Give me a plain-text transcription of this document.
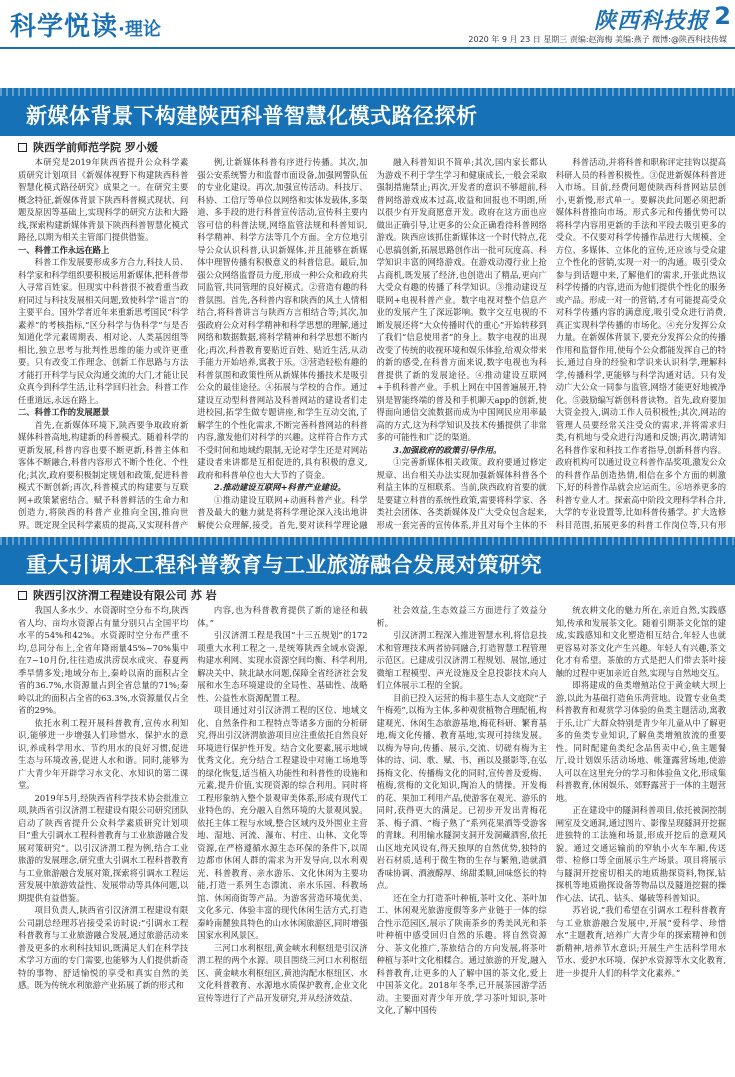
科学悦读·理论	陕西科技报 2
2020 年 9 月 23 日 星期三 责编:赵海梅 美编:燕子 微博:@陕西科技传媒
新媒体背景下构建陕西科普智慧化模式路径探析
陕西学前师范学院 罗小媛

本研究是2019年陕西省提升公众科学素质研究计划项目《新媒体视野下构建陕西科普智慧化模式路径研究》成果之一。在研究主要概念特征,新媒体背景下陕西科普模式现状、问题及原因等基础上,实现科学的研究方法和大路线,探索构建新媒体背景下陕西科普智慧化模式路径,以期为相关主管部门提供借鉴。

一、科普工作永远在路上

科普工作发展要形成多方合力,科技人员、科学家和科学组织要积极运用新媒体,把科普带入寻常百姓家。但现实中科普很不被看重当政府同过与科技发展相关问题,致使科学“谣言”的主要平台。国外学者近年来重新思考国民“科学素养”的考核指标,“区分科学与伪科学”与是否知道化学元素周期表、相对论、人类基因组等相比,独立思考与批判性思维的能力或许更重要。只有改变工作理念、创新工作思路与方法才能打开科学与民众沟通交流的大门,才能让民众真今到科学生活,让科学回归社会。科普工作任重道远,永远在路上。

二、科普工作的发展愿景

首先,在新媒体环境下,陕西要争取政府新媒体科普高地,构建新的科普模式。随着科学的更新发展,科普内容也要不断更新,科普主体和客体不断融合,科普内容形式不断个性化、个性化;其次,政府要积极制定规划和政策,促进科普模式不断创新;再次,科普模式的构建要与互联网+政策紧密结合。赋予科普鲜活的生命力和创造力,将陕西的科普产业推向全国,推向世界。既定现全民科学素质的提高,又实现科普产

例,让新媒体科普有序进行传播。其次,加强公安系统警力和监督市面设备,加强网警队伍的专业化建设。再次,加强宣传活动。科技厅、科协、工信厅等单位以网络和实体发载体,多渠道、多手段的进行科普宣传活动,宣传科主要内容可信的科普法规,网络监管法规和科普知识,科学精神、科学方法等几个方面。全方位地引导公众认识科普,认识新媒体,并且能够在新媒体中理智传播有积极意义的科普信息。最后,加强公众网络监督员力度,形成一种公众和政府共同监管,共同管理的良好模式。②营造有趣的科普氛围。首先,各科普内容和陕西的风土人情相结合,将科普讲言与陕西方言相结合等;其次,加强政府公众对科学精神和科学思想的理解,通过网络和数据数据,将科学精神和科学思想不断内化;再次,科普教育要贴近百姓、贴近生活,从动手能力开始培养,寓教于乐。③营造轻松有趣的科普氛围和政策性所从新媒体传播技术是吸引公众的最佳途径。④拓展与学校的合作。通过建设互动型科普网站及科普网站的建设者们走进校园,拓学生做专题讲座,和学生互动交流,了解学生的个性化需求,不断完善科普网站的科普内容,激发他们对科学的兴趣。这样符合作方式不受时间和地域约限制,无论对学生还是对网站建设者来讲都是互相促进的,具有积极的意义,政府和科普单位也大大节约了资金。

2.推动建设互联网+科普产业建设。

①推动建设互联网+动画科普产业。科学普及最大的魅力就是将科学理论深入浅出地讲解使公众理解,接受。首先,要对读科学理论融

融入科普知识不简单;其次,国内家长都认为游戏不利于学生学习和健康成长,一般会采取强制措施禁止;再次,开发者的意识不够超前,科普网络游戏成本过高,收益和回报也不明朗,所以很少有开发商愿意开发。政府在这方面也应做出正确引导,让更多的公众正确看待科普网络游戏。陕西应该抓住新媒体这一个时代特点,花心思搞创新,拓展思路创作出一批可玩度高、科学知识丰富的网络游戏。在游戏动漫行业上抢占商机,既发展了经济,也创造出了精品,更向广大受众有趣的传播了科学知识。③推动建设互联网+电视科普产业。数字电视对整个信息产业的发展产生了深远影响。数字交互电视的不断发展还将“大众传播时代的重心”开始转移到了我们“信息使用者”的身上。数字电视的出现改变了传统的收视环境和娱乐体验,给观众带来的新的感受,在科普方面来说,数字电视也为科普提供了新的发展途径。④推动建设互联网+手机科普产业。手机上网在中国普遍展开,特别是智能终端的普及和手机聊天app的创新,使得面向通信交流数据而成为中国网民应用率最高的方式,这为科学知识及技术传播提供了非常多的可能性和广泛的渠道。

3.加强政府的政策引导作用。

①完善新媒体相关政策。政府要通过修定规章、出台相关办法实现加强新媒体科普各个利益主体的互相联系。当前,陕西政府首要的就是要建立科普的系统性政策,需要将科学家、各类社会团体、各类新媒体及广大受众包含起来,形成一套完善的宣传体系,并且对每个主体的不

科普活动,并将科普和职称评定挂钩以提高科研人员的科普积极性。③促进新媒体科普进入市场。目前,经费问题使陕西科普网站层创小,更新慢,形式单一。要解决此问题必须把新媒体科普推向市场。形式多元和传播优势可以将科学内容用更新的手法和平段去吸引更多的受众。不仅要对科学传播作品进行大规模、全方位、多媒体、立体化的宣传,还应该与受众建立个性化的营销,实现一对一的沟通。吸引受众参与到话题中来,了解他们的需求,开张此热议科学传播的内容,进而为他们提供个性化的服务或产品。形成一对一的营销,才有可能提高受众对科学传播内容的满意度,吸引受众进行消费,真正实现科学传播的市场化。④充分发挥公众力量。在新媒体背景下,要充分发挥公众的传播作用和监督作用,使每个公众都能发挥自己的特长,通过自身的经验和学识来认识科学,理解科学,传播科学,更能够与科学沟通对话。只有发动广大公众一同参与监管,网络才能更好地被净化。⑤鼓励编写新创科普读物。首先,政府要加大资金投入,调动工作人员积极性;其次,网站的管理人员要经常关注受众的需求,并将需求归类,有机地与受众进行沟通和反馈;再次,聘请知名科普作家和科技工作者指导,创新科普内容。政府机构可以通过设立科普作品奖项,激发公众的科普作品创造热情,相信在多个方面的刺激下,好的科普作品就会应运而生。⑥培养更多的科普专业人才。探索高中阶段文理科学科合并,大学的专业设置等,比如科普传播学。扩大选修科目范围,拓展更多的科普工作岗位等,只有形

重大引调水工程科普教育与工业旅游融合发展对策研究
陕西引汉济渭工程建设有限公司 苏 岩

我国人多水少、水资源时空分布不均,陕西省人均、亩均水资源占有量分别只占全国平均水平的54%和42%。水资源时空分布严重不均,总同分布上,全省年降雨量45%~70%集中在7~10月份,往往造成洪涝误水成灾、春夏两季旱情多发;地域分布上,秦岭以南的面积占全省的36.7%,水资源量占到全省总量的71%;秦岭以北的面积占全省的63.3%,水资源量仅占全省的29%。

依托水利工程开展科普教育,宣传水利知识,能够进一步增强人们珍惜水、保护水的意识,养成科学用水、节约用水的良好习惯,促进生态与环境改善,促进人水和谐。同时,能够为广大青少年开辟学习水文化、水知识的第二课堂。

2019年5月,经陕西省科学技术协会批准立项,陕西省引汉济渭工程建设有限公司研究团队启动了陕西省提升公众科学素质研究计划项目“重大引调水工程科普教育与工业旅游融合发展对策研究”。以引汉济渭工程为例,结合工业旅游的发展理念,研究重大引调水工程科普教育与工业旅游融合发展对策,探索将引调水工程运营发展中旅游效益性、发展带动等具体问题,以期提供有益借鉴。

项目负责人,陕西省引汉济渭工程建设有限公司副总经理苏岩接受采访时说:“引调水工程科普教育与工业旅游融合发展,通过旅游活动来普及更多的水利科技知识,既满足人们在科学技术学习方面的专门需要,也能够为人们提供新奇特的事物、舒适愉悦的享受和真实自然的美感。既为传统水利旅游产业拓展了新的形式和

内容,也为科普教育提供了新的途径和载体。”

引汉济渭工程是我国“十三五规划”的172项重大水利工程之一,是统筹陕西全域水资源,构建水利网、实现水资源空间均衡、科学利用,解决关中、陕北缺水问题,保障全省经济社会发展和水生态环境建设的全局性、基础性、战略性、公益性水资源配置工程。

项目通过对引汉济渭工程的区位、地域文化、自然条件和工程特点等诸多方面的分析研究,得出引汉济渭旅游项目应注重依托自然良好环境进行保护性开发。结合文化要素,展示地域优秀文化。充分结合工程建设中对施工场地等的绿化恢复,适当植入功能性和科普性的设施和元素,提升价值,实现资源的综合利用。同时将工程形象纳入整个景观审美体系,形成有现代工业特色的、充分融入自然环境的大景观风貌。依托主体工程与水域,整合区域内及外围业主营地、湿地、河流、瀑布、村庄、山林、文化等资源,在严格遵循水源生态环保的条件下,以周边都市休闲人群的需求为开发导向,以水利观光、科普教育、亲水游乐、文化休闲为主要功能,打造一系列生态漂流、亲水乐园、科教场馆、休闲商街等产品。为游客营造环境优美、文化多元、体验丰富的现代休闲生活方式,打造秦岭南麓独具特色的山水休闲旅游区,同时增强国家水利风景区。

三河口水利枢纽,黄金峡水利枢纽是引汉济渭工程的两个水源。项目围绕三河口水利枢纽区、黄金峡水利枢纽区,黄池沟配水枢纽区、水文化科普教育、水源地水质保护教育,企业文化宣传等进行了产品开发研究,并从经济效益、

社会效益,生态效益三方面进行了效益分析。

引汉济渭工程深入推进智慧水利,将信息技术和管理技术两者协同融合,打造智慧工程管理示范区。已建成引汉济渭工程规划、展馆,通过微缩工程模型、声光设施及全息投影技术向人们立体展示工程的全貌。

目前已投入运营的梅丰墓生态人文庭院“子午梅苑”,以梅为主体,多种观赏植物合理配植,构建观光、休闲生态旅游基地,梅花科研、繁育基地,梅文化传播、教育基地,实现可持续发展。以梅为导向,传播、展示,交流、切磋有梅为主体的诗、词、歌、赋、书、画以及摄影等,在弘扬梅文化、传播梅文化的同时,宣传普及爱梅、植梅,赏梅的文化知识,陶冶人的情操。开发梅的花、果加工利用产品,使游客在观光、游乐的同时,获得更大的满足。已初步开发出青梅花茶、梅子酒、“梅子熟了”系列花果酒等受游客的青睐。利用输水隧洞支洞开发洞藏酒窖,依托山区地充风设有,得天独厚的自然优势,独特的岩石材质,适利于微生物的生存与繁殖,造就酒香味协调、酒液醇厚、绵甜柔顺,回味悠长的特点。

还在全力打造茶叶种植,茶叶文化、茶叶加工、休闲观光旅游度假等多产业链于一体的综合性示范园区,展示了陕南茶乡的秀美风光和茶叶种植中感受回归自然的乐趣。将自然资源分、茶文化推广,茶旅结合的方向发展,将茶叶种植与茶叶文化相糅合。通过旅游的开发,融入科普教育,让更多的人了解中国的茶文化,爱上中国茶文化。2018年冬季,已开展茶园游学活动。主要面对青少年开放,学习茶叶知识,茶叶文化,了解中国传

统农耕文化的魅力所在,亲近自然,实践感知,传承和发展茶文化。随着引期茶文化馆的建成,实践感知和文化塑造相互结合,年轻人也就更容易对茶文化产生兴趣。年轻人有兴趣,茶文化才有希望。茶旅的方式是把人们带去茶叶接触的过程中更加亲近自然,实现与自然地交互。

即将建成的鱼类增殖站位于黄金峡大坝上游,以此为基础打造鱼乐湾营地。设置专业鱼类科普教育和观赏学习体验的鱼类主题活动,寓教于乐,让广大群众特别是青少年儿童从中了解更多的鱼类专业知识,了解鱼类增殖放流的重要性。同时配建鱼类纪念品售卖中心,鱼主题餐厅,设计划娱乐活动场地、帐篷露营场地,使游人可以在这里充分的学习和体验鱼文化,形成集科普教育,休闲娱乐、郊野露营于一体的主题营地。

正在建设中的隧洞科普项目,依托被洞控制闸室及交通洞,通过图片、影像呈现隧洞开挖掘进独特的工法施和场景,形成开挖后的意观风貌。通过交通运输前的窄轨小火车车厢,传送带、检修口等全面展示生产场景。项目将展示与隧洞开挖密切相关的地质勘探资料,物探,钻探机等地质勘探设备等物品以及隧道挖掘的操作心法、试孔、钻头、爆破等科普知识。

苏岩说,“我们希望在引调水工程科普教育与工业旅游融合发展中,开展“爱科学、珍惜水”主题教育,培养广大青少年的探索精神和创新精神,培养节水意识;开展生产生活科学用水节水、爱护水环境、保护水资源等水文化教育,进一步提升人们的科学文化素养。”
